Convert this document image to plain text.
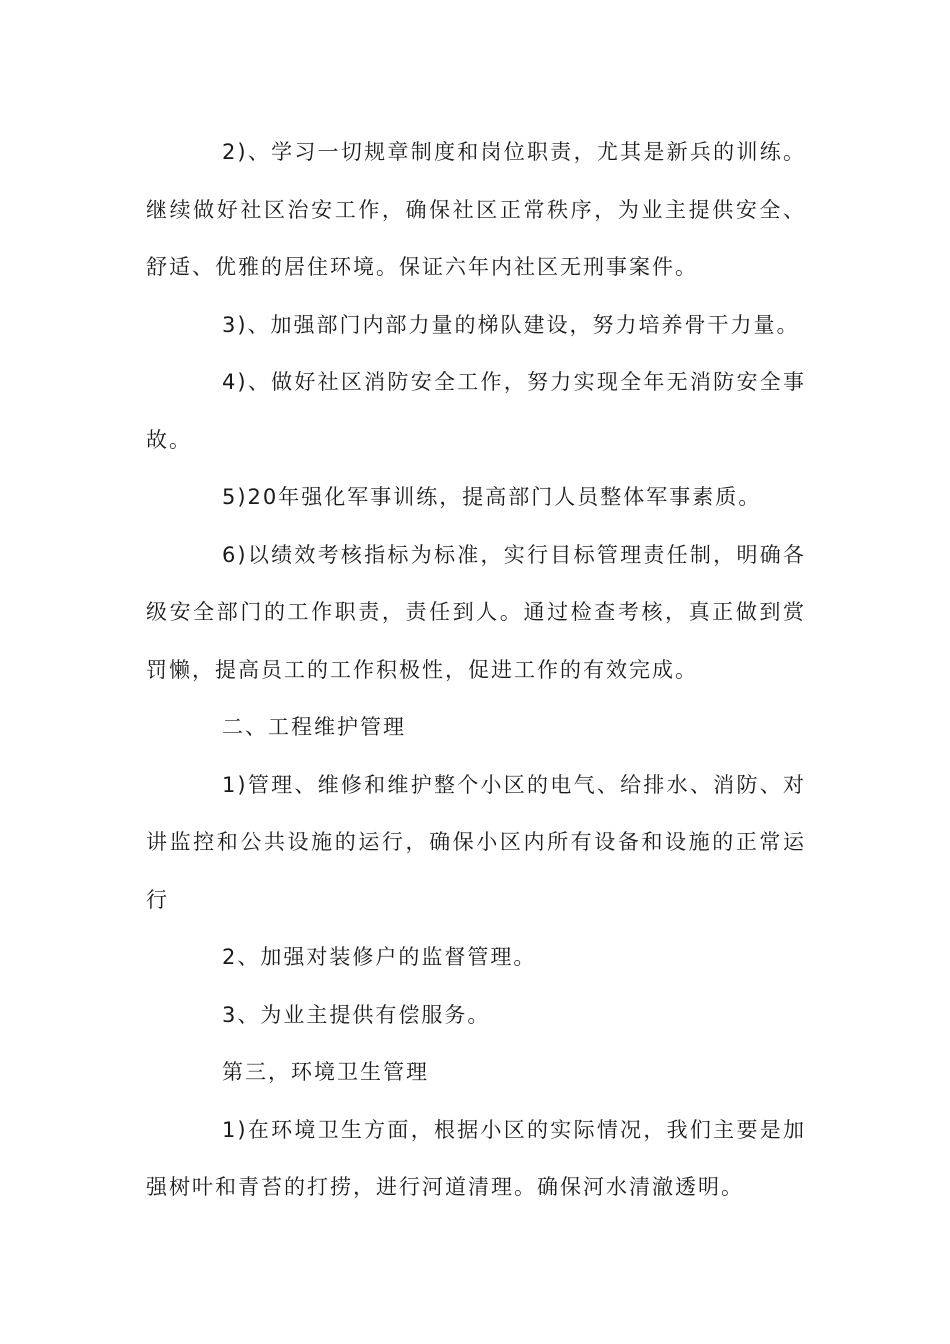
2)、学习一切规章制度和岗位职责，尤其是新兵的训练。继续做好社区治安工作，确保社区正常秩序，为业主提供安全、舒适、优雅的居住环境。保证六年内社区无刑事案件。

3)、加强部门内部力量的梯队建设，努力培养骨干力量。

4)、做好社区消防安全工作，努力实现全年无消防安全事故。

5)20年强化军事训练，提高部门人员整体军事素质。

6)以绩效考核指标为标准，实行目标管理责任制，明确各级安全部门的工作职责，责任到人。通过检查考核，真正做到赏罚懒，提高员工的工作积极性，促进工作的有效完成。

二、工程维护管理

1)管理、维修和维护整个小区的电气、给排水、消防、对讲监控和公共设施的运行，确保小区内所有设备和设施的正常运行

2、加强对装修户的监督管理。

3、为业主提供有偿服务。

第三，环境卫生管理

1)在环境卫生方面，根据小区的实际情况，我们主要是加强树叶和青苔的打捞，进行河道清理。确保河水清澈透明。
